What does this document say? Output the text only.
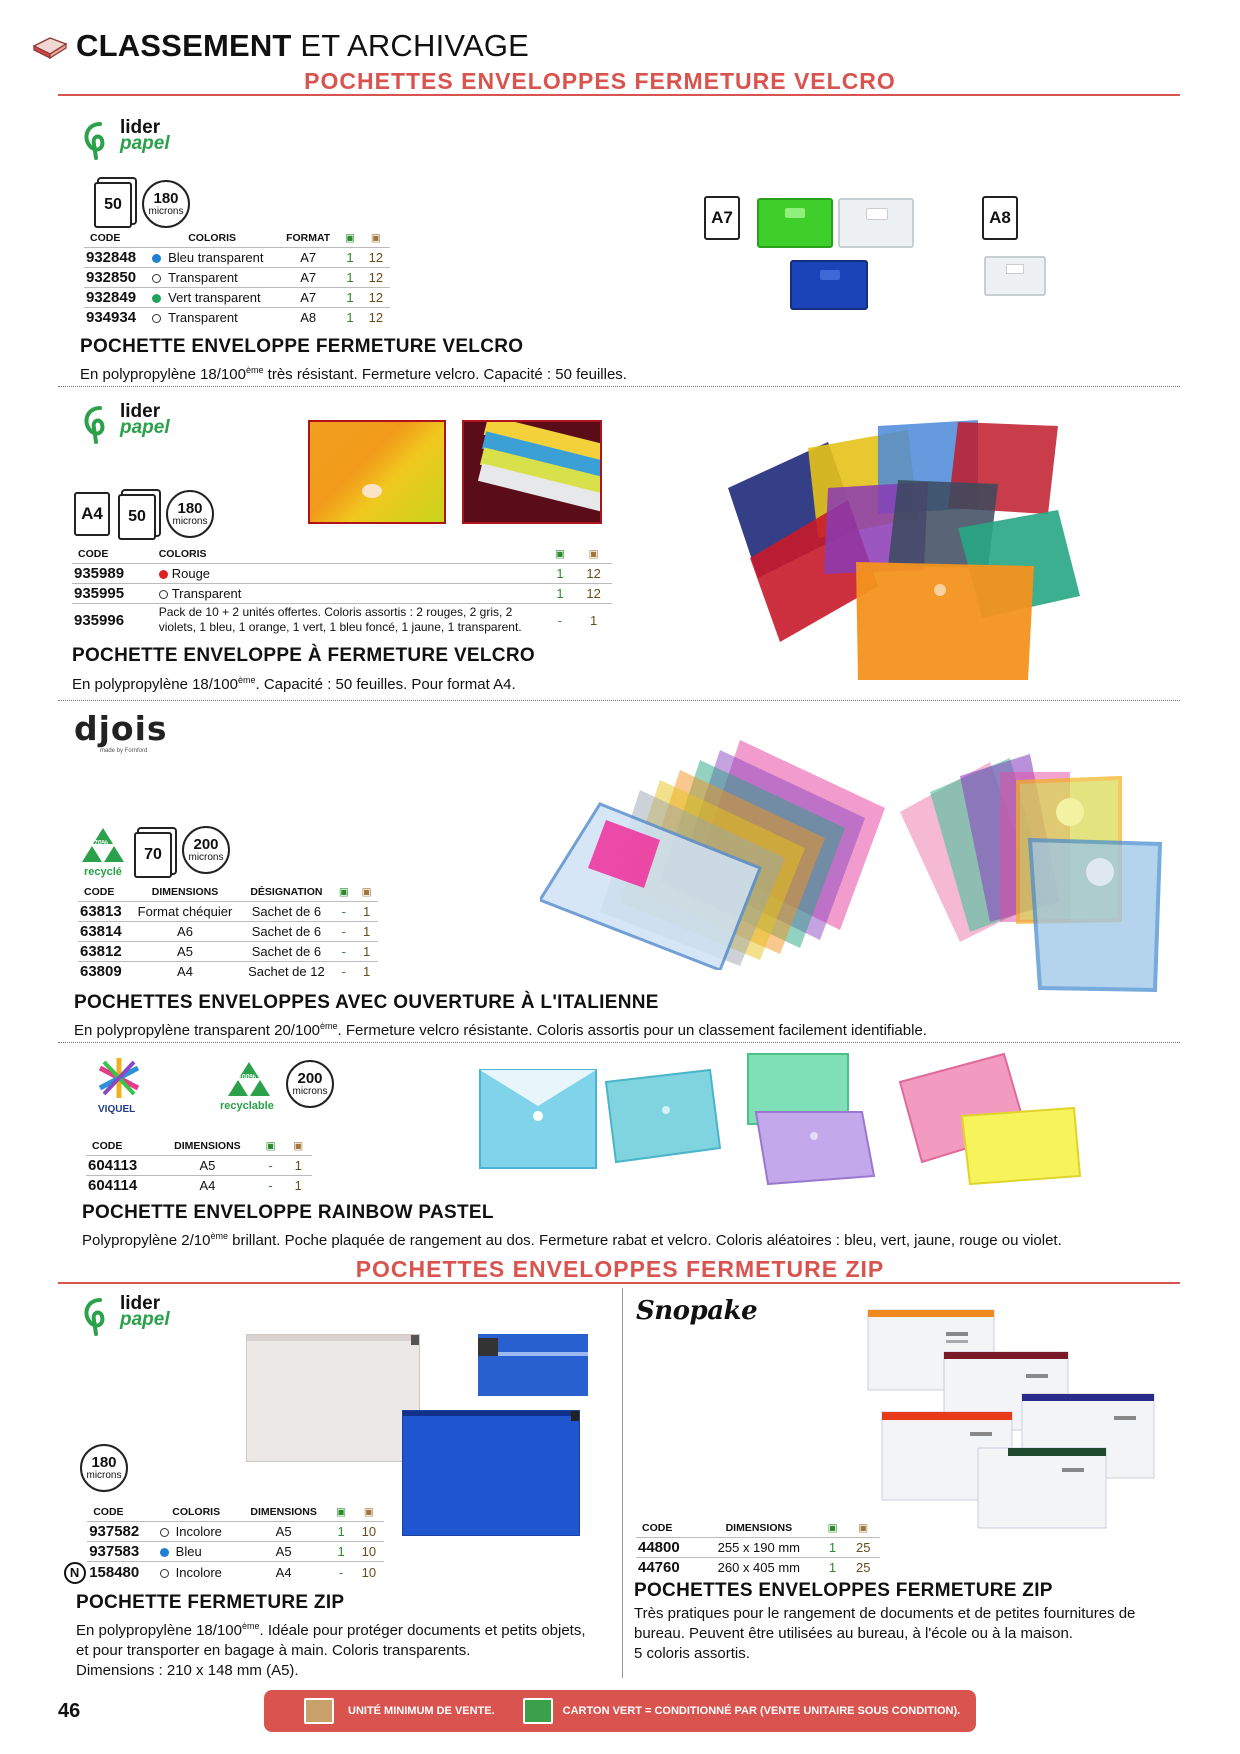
CLASSEMENT ET ARCHIVAGE
POCHETTES ENVELOPPES FERMETURE VELCRO
lider
papel
50	180
microns
CODE	COLORIS	FORMAT	▣	▣
932848	Bleu transparent	A7	1	12
932850	Transparent	A7	1	12
932849	Vert transparent	A7	1	12
934934	Transparent	A8	1	12
POCHETTE ENVELOPPE FERMETURE VELCRO
En polypropylène 18/100ème très résistant. Fermeture velcro. Capacité : 50 feuilles.
A7	A8
lider
papel
A4	50	180
microns
CODE	COLORIS	▣	▣
935989	Rouge	1	12
935995	Transparent	1	12
935996	Pack de 10 + 2 unités offertes. Coloris assortis : 2 rouges, 2 gris, 2 violets, 1 bleu, 1 orange, 1 vert, 1 bleu foncé, 1 jaune, 1 transparent.	-	1
POCHETTE ENVELOPPE À FERMETURE VELCRO
En polypropylène 18/100ème. Capacité : 50 feuilles. Pour format A4.
djois
made by Fornford
70%
recyclé
70
200
microns
CODE	DIMENSIONS	DÉSIGNATION	▣	▣
63813	Format chéquier	Sachet de 6	-	1
63814	A6	Sachet de 6	-	1
63812	A5	Sachet de 6	-	1
63809	A4	Sachet de 12	-	1
POCHETTES ENVELOPPES AVEC OUVERTURE À L'ITALIENNE
En polypropylène transparent 20/100ème. Fermeture velcro résistante. Coloris assortis pour un classement facilement identifiable.
VIQUEL
100%
recyclable
200
microns
CODE	DIMENSIONS	▣	▣
604113	A5	-	1
604114	A4	-	1
POCHETTE ENVELOPPE RAINBOW PASTEL
Polypropylène 2/10ème brillant. Poche plaquée de rangement au dos. Fermeture rabat et velcro. Coloris aléatoires : bleu, vert, jaune, rouge ou violet.
POCHETTES ENVELOPPES FERMETURE ZIP
lider
papel
180
microns
	CODE	COLORIS	DIMENSIONS	▣	▣
	937582	Incolore	A5	1	10
	937583	Bleu	A5	1	10
N	158480	Incolore	A4	-	10
POCHETTE FERMETURE ZIP
En polypropylène 18/100ème. Idéale pour protéger documents et petits objets,
et pour transporter en bagage à main. Coloris transparents.
Dimensions : 210 x 148 mm (A5).
Snopake
CODE	DIMENSIONS	▣	▣
44800	255 x 190 mm	1	25
44760	260 x 405 mm	1	25
POCHETTES ENVELOPPES FERMETURE ZIP
Très pratiques pour le rangement de documents et de petites fournitures de
bureau. Peuvent être utilisées au bureau, à l'école ou à la maison.
5 coloris assortis.
46	UNITÉ MINIMUM DE VENTE.	CARTON VERT = CONDITIONNÉ PAR (VENTE UNITAIRE SOUS CONDITION).
